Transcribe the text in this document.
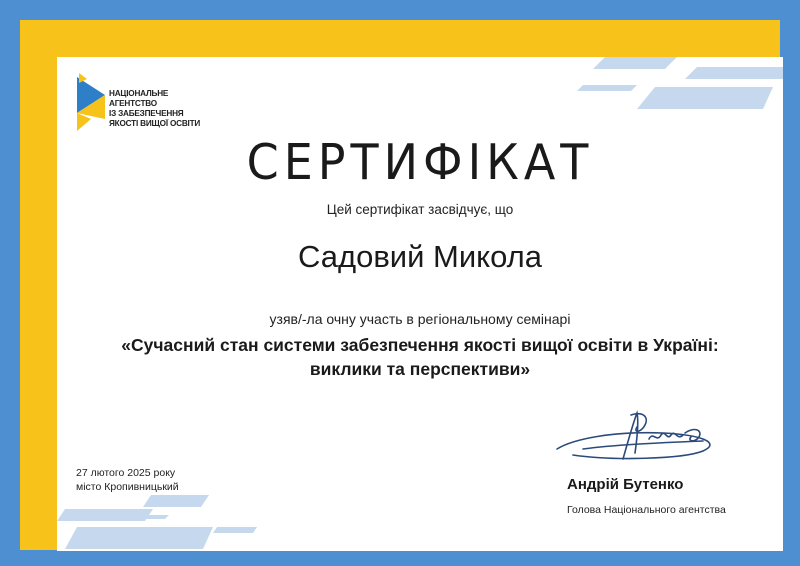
НАЦІОНАЛЬНЕ
АГЕНТСТВО
ІЗ ЗАБЕЗПЕЧЕННЯ
ЯКОСТІ ВИЩОЇ ОСВІТИ
СЕРТИФІКАТ
Цей сертифікат засвідчує, що
Садовий Микола
узяв/-ла очну участь в регіональному семінарі
«Сучасний стан системи забезпечення якості вищої освіти в Україні:
виклики та перспективи»
27 лютого 2025 року
місто Кропивницький	Андрій Бутенко
Голова Національного агентства
